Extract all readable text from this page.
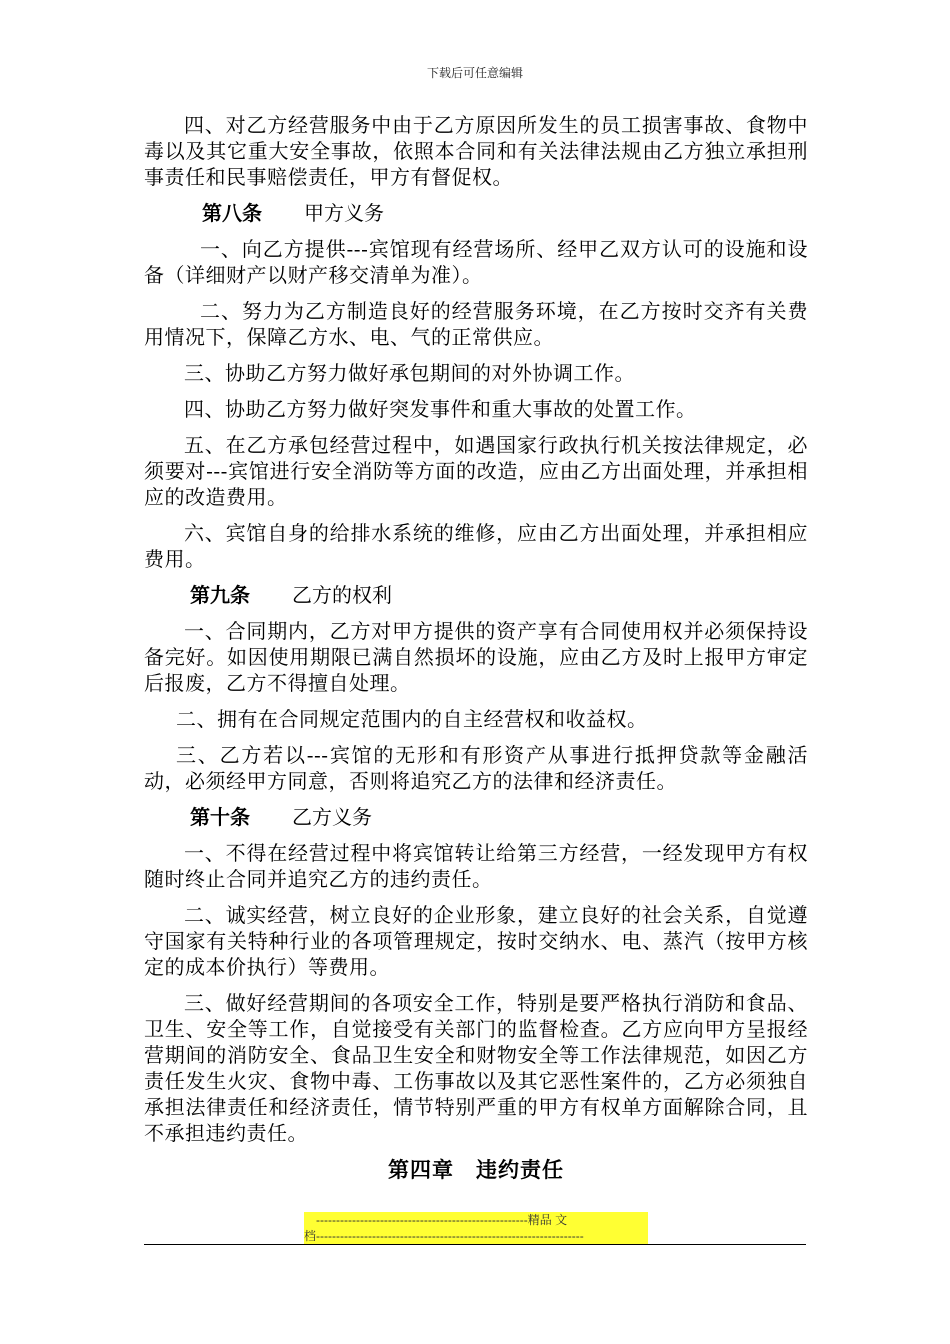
下载后可任意编辑

四、对乙方经营服务中由于乙方原因所发生的员工损害事故、食物中毒以及其它重大安全事故，依照本合同和有关法律法规由乙方独立承担刑事责任和民事赔偿责任，甲方有督促权。

第八条 甲方义务

一、向乙方提供---宾馆现有经营场所、经甲乙双方认可的设施和设备（详细财产以财产移交清单为准）。

二、努力为乙方制造良好的经营服务环境，在乙方按时交齐有关费用情况下，保障乙方水、电、气的正常供应。

三、协助乙方努力做好承包期间的对外协调工作。

四、协助乙方努力做好突发事件和重大事故的处置工作。

五、在乙方承包经营过程中，如遇国家行政执行机关按法律规定，必须要对---宾馆进行安全消防等方面的改造，应由乙方出面处理，并承担相应的改造费用。

六、宾馆自身的给排水系统的维修，应由乙方出面处理，并承担相应费用。

第九条 乙方的权利

一、合同期内，乙方对甲方提供的资产享有合同使用权并必须保持设备完好。如因使用期限已满自然损坏的设施，应由乙方及时上报甲方审定后报废，乙方不得擅自处理。

二、拥有在合同规定范围内的自主经营权和收益权。

三、乙方若以---宾馆的无形和有形资产从事进行抵押贷款等金融活动，必须经甲方同意，否则将追究乙方的法律和经济责任。

第十条 乙方义务

一、不得在经营过程中将宾馆转让给第三方经营，一经发现甲方有权随时终止合同并追究乙方的违约责任。

二、诚实经营，树立良好的企业形象，建立良好的社会关系，自觉遵守国家有关特种行业的各项管理规定，按时交纳水、电、蒸汽（按甲方核定的成本价执行）等费用。

三、做好经营期间的各项安全工作，特别是要严格执行消防和食品、卫生、安全等工作，自觉接受有关部门的监督检查。乙方应向甲方呈报经营期间的消防安全、食品卫生安全和财物安全等工作法律规范，如因乙方责任发生火灾、食物中毒、工伤事故以及其它恶性案件的，乙方必须独自承担法律责任和经济责任，情节特别严重的甲方有权单方面解除合同，且不承担违约责任。

第四章　违约责任
-----------------------------------------------------精品 文
档-------------------------------------------------------------------
